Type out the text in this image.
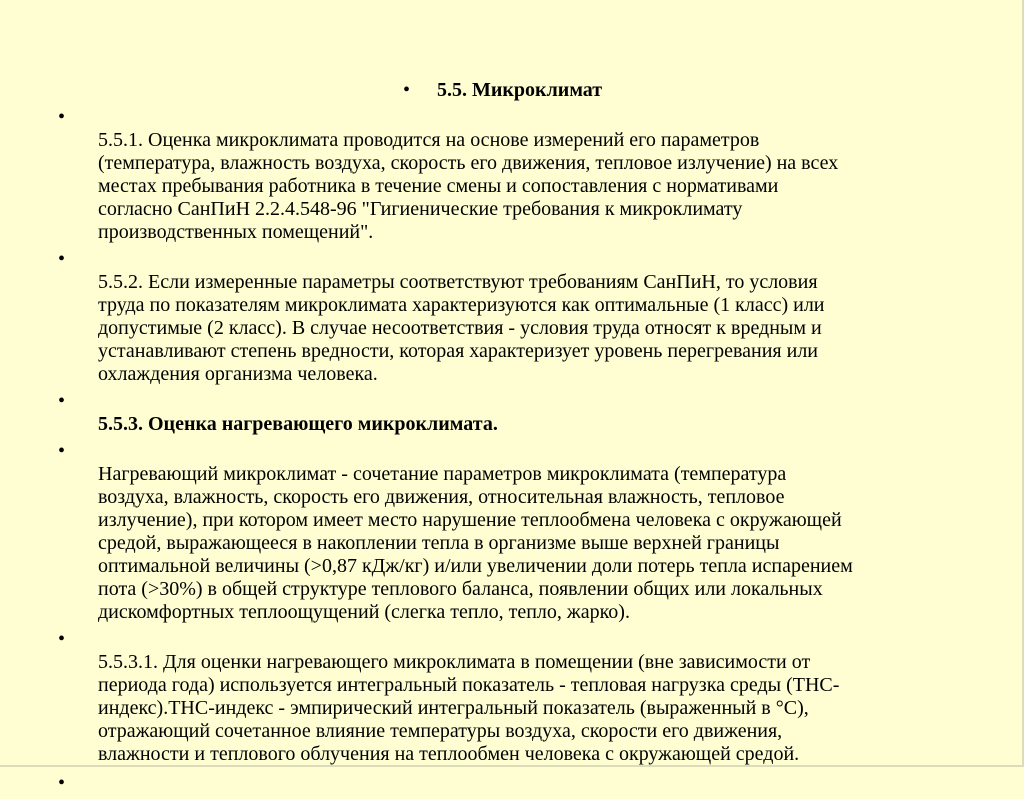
• 5.5. Микроклимат

•
5.5.1. Оценка микроклимата проводится на основе измерений его параметров
(температура, влажность воздуха, скорость его движения, тепловое излучение) на всех
местах пребывания работника в течение смены и сопоставления с нормативами
согласно СанПиН 2.2.4.548-96 "Гигиенические требования к микроклимату
производственных помещений".

•
5.5.2. Если измеренные параметры соответствуют требованиям СанПиН, то условия
труда по показателям микроклимата характеризуются как оптимальные (1 класс) или
допустимые (2 класс). В случае несоответствия - условия труда относят к вредным и
устанавливают степень вредности, которая характеризует уровень перегревания или
охлаждения организма человека.

•
5.5.3. Оценка нагревающего микроклимата.

•
Нагревающий микроклимат - сочетание параметров микроклимата (температура
воздуха, влажность, скорость его движения, относительная влажность, тепловое
излучение), при котором имеет место нарушение теплообмена человека с окружающей
средой, выражающееся в накоплении тепла в организме выше верхней границы
оптимальной величины (>0,87 кДж/кг) и/или увеличении доли потерь тепла испарением
пота (>30%) в общей структуре теплового баланса, появлении общих или локальных
дискомфортных теплоощущений (слегка тепло, тепло, жарко).

•
5.5.3.1. Для оценки нагревающего микроклимата в помещении (вне зависимости от
периода года) используется интегральный показатель - тепловая нагрузка среды (ТНС-
индекс).ТНС-индекс - эмпирический интегральный показатель (выраженный в °С),
отражающий сочетанное влияние температуры воздуха, скорости его движения,
влажности и теплового облучения на теплообмен человека с окружающей средой.

•
